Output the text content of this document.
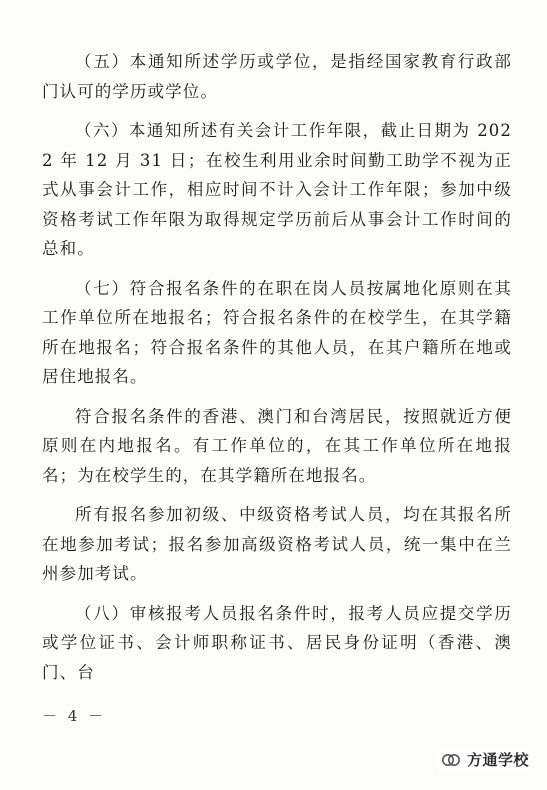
（五）本通知所述学历或学位，是指经国家教育行政部门认可的学历或学位。

（六）本通知所述有关会计工作年限，截止日期为 2022 年 12 月 31 日；在校生利用业余时间勤工助学不视为正式从事会计工作，相应时间不计入会计工作年限；参加中级资格考试工作年限为取得规定学历前后从事会计工作时间的总和。

（七）符合报名条件的在职在岗人员按属地化原则在其工作单位所在地报名；符合报名条件的在校学生，在其学籍所在地报名；符合报名条件的其他人员，在其户籍所在地或居住地报名。

符合报名条件的香港、澳门和台湾居民，按照就近方便原则在内地报名。有工作单位的，在其工作单位所在地报名；为在校学生的，在其学籍所在地报名。

所有报名参加初级、中级资格考试人员，均在其报名所在地参加考试；报名参加高级资格考试人员，统一集中在兰州参加考试。

（八）审核报考人员报名条件时，报考人员应提交学历或学位证书、会计师职称证书、居民身份证明（香港、澳门、台

－ 4 －
方通学校
